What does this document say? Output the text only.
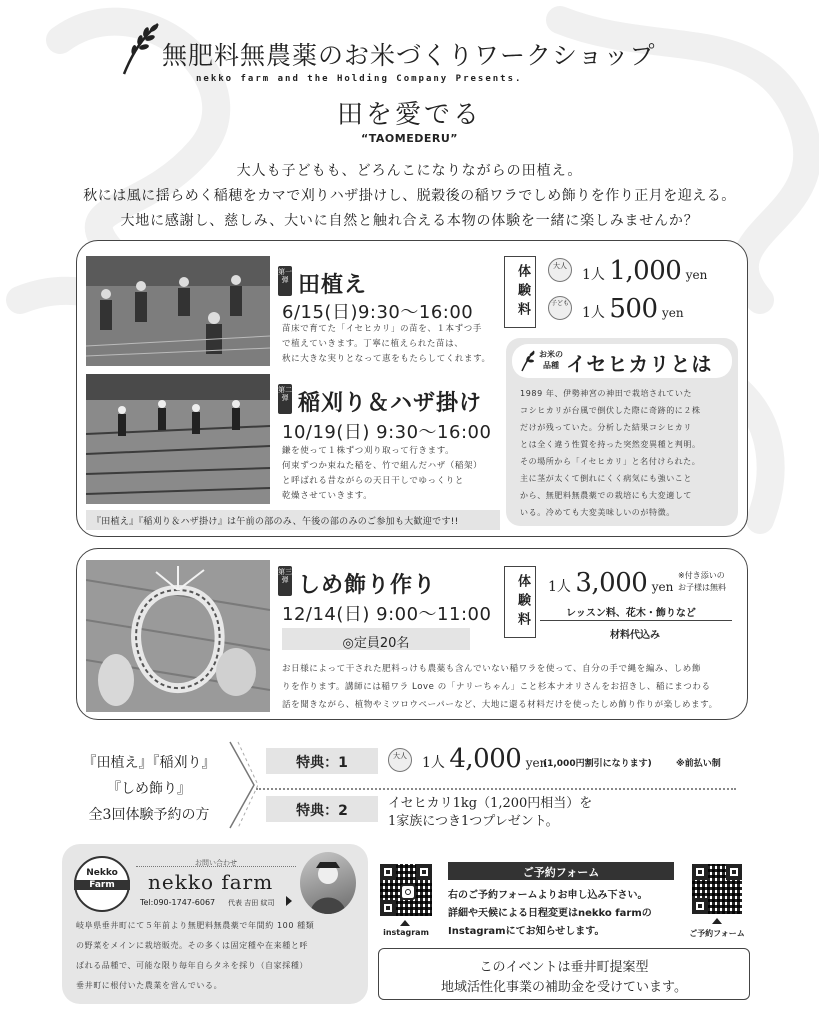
無肥料無農薬のお米づくりワークショップ
nekko farm and the Holding Company Presents.
田を愛でる
“TAOMEDERU”
大人も子どもも、どろんこになりながらの田植え。
秋には風に揺らめく稲穂をカマで刈りハザ掛けし、脱穀後の稲ワラでしめ飾りを作り正月を迎える。
大地に感謝し、慈しみ、大いに自然と触れ合える本物の体験を一緒に楽しみませんか？
第一弾 田植え
6/15(日)9:30～16:00
苗床で育てた「イセヒカリ」の苗を、１本ずつ手
で植えていきます。丁寧に植えられた苗は、
秋に大きな実りとなって恵をもたらしてくれます。
第二弾 稲刈り＆ハザ掛け
10/19(日) 9:30～16:00
鎌を使って１株ずつ刈り取って行きます。
何束ずつか束ねた稲を、竹で組んだハザ（稲架）
と呼ばれる昔ながらの天日干しでゆっくりと
乾燥させていきます。
体験料	大人
1人 1,000 yen
子ども
1人 500 yen
お米の品種 イセヒカリとは
1989 年、伊勢神宮の神田で栽培されていた
コシヒカリが台風で倒伏した際に奇跡的に２株
だけが残っていた。分析した結果コシヒカリ
とは全く違う性質を持った突然変異種と判明。
その場所から「イセヒカリ」と名付けられた。
主に茎が太くて倒れにくく病気にも強いこと
から、無肥料無農薬での栽培にも大変適して
いる。冷めても大変美味しいのが特徴。
『田植え』『稲刈り＆ハザ掛け』は午前の部のみ、午後の部のみのご参加も大歓迎です!!
第三弾 しめ飾り作り
12/14(日) 9:00～11:00
◎定員20名
お日様によって干された肥料っけも農薬も含んでいない稲ワラを使って、自分の手で縄を編み、しめ飾
りを作ります。講師には稲ワラ Love の「ナリーちゃん」こと杉本ナオリさんをお招きし、稲にまつわる
話を聞きながら、植物やミツロウペーパーなど、大地に還る材料だけを使ったしめ飾り作りが楽しめます。
体験料	1人 3,000 yen
※付き添いの
お子様は無料
レッスン料、花木・飾りなど
材料代込み
『田植え』『稲刈り』
『しめ飾り』
全3回体験予約の方
特典：1	大人	1人 4,000 yen
(1,000円割引になります)	※前払い制
特典：2	イセヒカリ1kg（1,200円相当）を
1家族につき1つプレゼント。
Nekko
Farm
お問い合わせ
nekko farm
Tel:090-1747-6067 代表 吉田 紋司
岐阜県垂井町にて５年前より無肥料無農薬で年間約 100 種類
の野菜をメインに栽培販売。その多くは固定種や在来種と呼
ばれる品種で、可能な限り毎年自らタネを採り（自家採種）
垂井町に根付いた農業を営んでいる。
instagram
ご予約フォーム
右のご予約フォームよりお申し込み下さい。
詳細や天候による日程変更はnekko farmの
Instagramにてお知らせします。	ご予約フォーム
このイベントは垂井町提案型
地域活性化事業の補助金を受けています。
